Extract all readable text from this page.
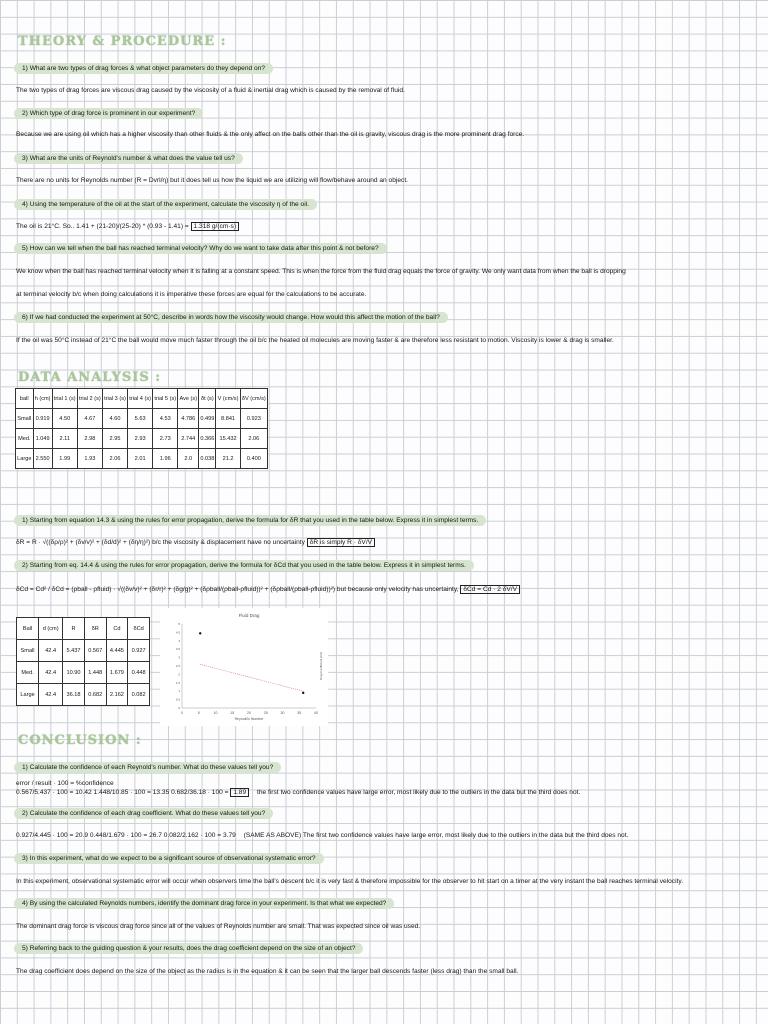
THEORY & PROCEDURE :
1) What are two types of drag forces & what object parameters do they depend on?
The two types of drag forces are viscous drag caused by the viscosity of a fluid & inertial drag which is caused by the removal of fluid.
2) Which type of drag force is prominent in our experiment?
Because we are using oil which has a higher viscosity than other fluids & the only affect on the balls other than the oil is gravity, viscous drag is the more prominent drag force.
3) What are the units of Reynold's number & what does the value tell us?
There are no units for Reynolds number (R = Dvrl/η) but it does tell us how the liquid we are utilizing will flow/behave around an object.
4) Using the temperature of the oil at the start of the experiment, calculate the viscosity η of the oil.
The oil is 21°C. So.. 1.41 + (21-20)/(25-20) * (0.93 - 1.41) = 1.318 g/(cm·s)
5) How can we tell when the ball has reached terminal velocity? Why do we want to take data after this point & not before?
We know when the ball has reached terminal velocity when it is falling at a constant speed. This is when the force from the fluid drag equals the force of gravity. We only want data from when the ball is dropping
at terminal velocity b/c when doing calculations it is imperative these forces are equal for the calculations to be accurate.
6) If we had conducted the experiment at 50°C, describe in words how the viscosity would change. How would this affect the motion of the ball?
If the oil was 50°C instead of 21°C the ball would move much faster through the oil b/c the heated oil molecules are moving faster & are therefore less resistant to motion. Viscosity is lower & drag is smaller.
DATA ANALYSIS :
ball	h (cm)	trial 1 (s)	trial 2 (s)	trial 3 (s)	trial 4 (s)	trial 5 (s)	Ave (s)	δt (s)	V (cm/s)	δV (cm/s)
Small	0.919	4.50	4.67	4.60	5.63	4.53	4.786	0.499	8.841	0.923
Med.	1.049	2.11	2.98	2.95	2.93	2.73	2.744	0.366	15.432	2.06
Large	2.550	1.99	1.93	2.06	2.01	1.96	2.0	0.038	21.2	0.400
1) Starting from equation 14.3 & using the rules for error propagation, derive the formula for δR that you used in the table below. Express it in simplest terms.
δR = R · √((δρ/ρ)² + (δv/v)² + (δd/d)² + (δη/η)²) b/c the viscosity & displacement have no uncertainty δR is simply R · δV/V
2) Starting from eq. 14.4 & using the rules for error propagation, derive the formula for δCd that you used in the table below. Express it in simplest terms.
δCd = Cd² / δCd = (ρball - ρfluid) · √((δv/v)² + (δr/r)² + (δg/g)² + (δρball/(ρball-ρfluid))² + (δρball/(ρball-ρfluid))²) but because only velocity has uncertainty, δCd = Cd · 2 δV/V
Ball	d (cm)	R	δR	Cd	δCd
Small	42.4	5.437	0.567	4.445	0.927
Med.	42.4	10.90	1.448	1.679	0.448
Large	42.4	36.18	0.682	2.162	0.082
Fluid Drag
0	5	10	15	20	25	30	35	40
0
0.5
1
1.5
2
2.5
3
3.5
4
4.5
5
Reynold's Number
Drag Coefficient (Cd)
CONCLUSION :
1) Calculate the confidence of each Reynold's number. What do these values tell you?
error / result · 100 = %confidence
0.567/5.437 · 100 = 10.42 1.448/10.85 · 100 = 13.35 0.682/36.18 · 100 = 1.89 the first two confidence values have large error, most likely due to the outliers in the data but the third does not.
2) Calculate the confidence of each drag coefficient. What do these values tell you?
0.927/4.445 · 100 = 20.9 0.448/1.679 · 100 = 26.7 0.082/2.162 · 100 = 3.79 (SAME AS ABOVE) The first two confidence values have large error, most likely due to the outliers in the data but the third does not.
3) In this experiment, what do we expect to be a significant source of observational systematic error?
In this experiment, observational systematic error will occur when observers time the ball's descent b/c it is very fast & therefore impossible for the observer to hit start on a timer at the very instant the ball reaches terminal velocity.
4) By using the calculated Reynolds numbers, identify the dominant drag force in your experiment. Is that what we expected?
The dominant drag force is viscous drag force since all of the values of Reynolds number are small. That was expected since oil was used.
5) Referring back to the guiding question & your results, does the drag coefficient depend on the size of an object?
The drag coefficient does depend on the size of the object as the radius is in the equation & it can be seen that the larger ball descends faster (less drag) than the small ball.
